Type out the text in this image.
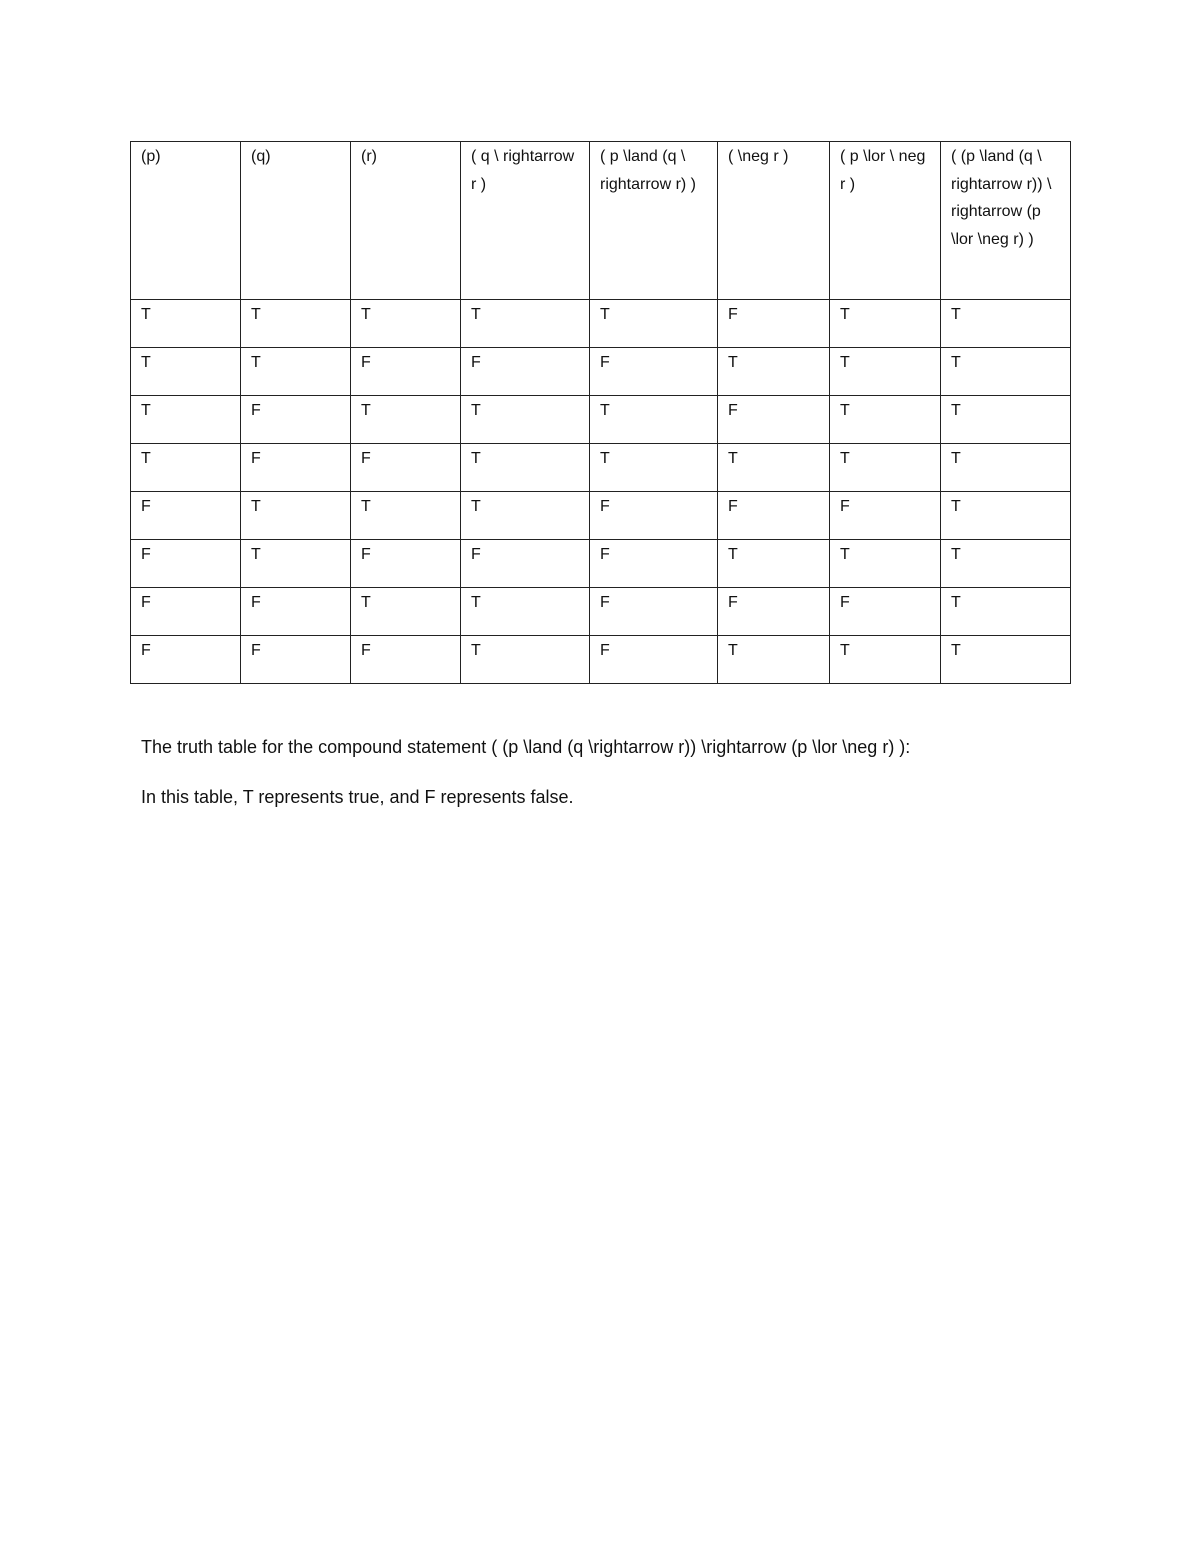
(p)	(q)	(r)	( q \ rightarrow r )	( p \land (q \ rightarrow r) )	( \neg r )	( p \lor \ neg r )	( (p \land (q \ rightarrow r)) \ rightarrow (p \lor \neg r) )
T	T	T	T	T	F	T	T
T	T	F	F	F	T	T	T
T	F	T	T	T	F	T	T
T	F	F	T	T	T	T	T
F	T	T	T	F	F	F	T
F	T	F	F	F	T	T	T
F	F	T	T	F	F	F	T
F	F	F	T	F	T	T	T

The truth table for the compound statement ( (p \land (q \rightarrow r)) \rightarrow (p \lor \neg r) ):

In this table, T represents true, and F represents false.
